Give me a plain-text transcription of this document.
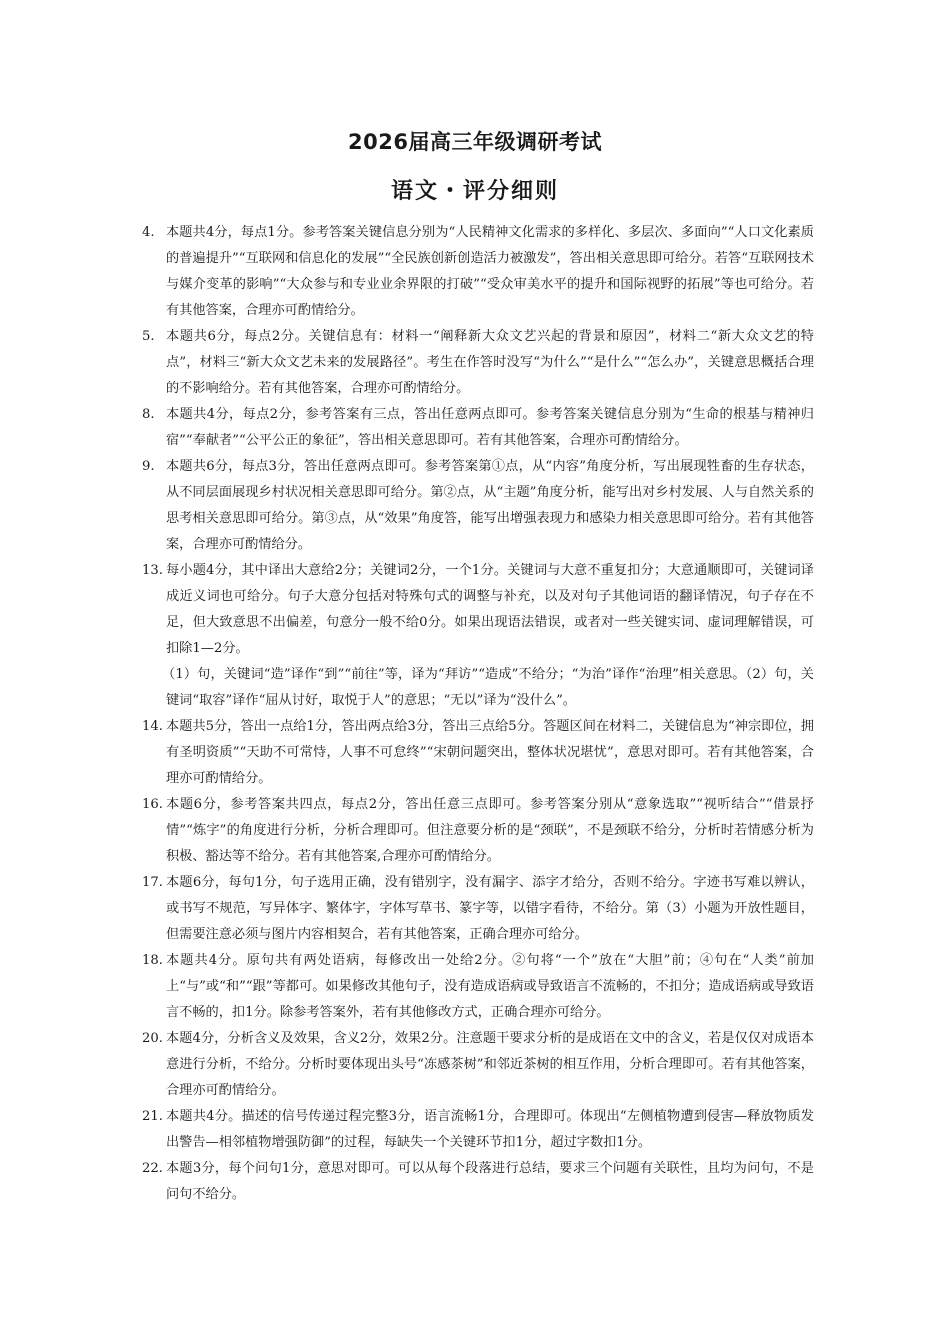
2026届高三年级调研考试
语文・评分细则

4. 本题共4分，每点1分。参考答案关键信息分别为“人民精神文化需求的多样化、多层次、多面向”“人口文化素质的普遍提升”“互联网和信息化的发展”“全民族创新创造活力被激发”，答出相关意思即可给分。若答“互联网技术与媒介变革的影响”“大众参与和专业业余界限的打破”“受众审美水平的提升和国际视野的拓展”等也可给分。若有其他答案，合理亦可酌情给分。

5. 本题共6分，每点2分。关键信息有：材料一“阐释新大众文艺兴起的背景和原因”，材料二“新大众文艺的特点”，材料三“新大众文艺未来的发展路径”。考生在作答时没写“为什么”“是什么”“怎么办”，关键意思概括合理的不影响给分。若有其他答案，合理亦可酌情给分。

8. 本题共4分，每点2分，参考答案有三点，答出任意两点即可。参考答案关键信息分别为“生命的根基与精神归宿”“奉献者”“公平公正的象征”，答出相关意思即可。若有其他答案，合理亦可酌情给分。

9. 本题共6分，每点3分，答出任意两点即可。参考答案第①点，从“内容”角度分析，写出展现牲畜的生存状态，从不同层面展现乡村状况相关意思即可给分。第②点，从“主题”角度分析，能写出对乡村发展、人与自然关系的思考相关意思即可给分。第③点，从“效果”角度答，能写出增强表现力和感染力相关意思即可给分。若有其他答案，合理亦可酌情给分。

13. 每小题4分，其中译出大意给2分；关键词2分，一个1分。关键词与大意不重复扣分；大意通顺即可，关键词译成近义词也可给分。句子大意分包括对特殊句式的调整与补充，以及对句子其他词语的翻译情况，句子存在不足，但大致意思不出偏差，句意分一般不给0分。如果出现语法错误，或者对一些关键实词、虚词理解错误，可扣除1—2分。

（1）句，关键词“造”译作“到”“前往”等，译为“拜访”“造成”不给分；“为治”译作“治理”相关意思。（2）句，关键词“取容”译作“屈从讨好，取悦于人”的意思；“无以”译为“没什么”。

14. 本题共5分，答出一点给1分，答出两点给3分，答出三点给5分。答题区间在材料二，关键信息为“神宗即位，拥有圣明资质”“天助不可常恃，人事不可怠终”“宋朝问题突出，整体状况堪忧”，意思对即可。若有其他答案，合理亦可酌情给分。

16. 本题6分，参考答案共四点，每点2分，答出任意三点即可。参考答案分别从“意象选取”“视听结合”“借景抒情”“炼字”的角度进行分析，分析合理即可。但注意要分析的是“颈联”，不是颈联不给分，分析时若情感分析为积极、豁达等不给分。若有其他答案,合理亦可酌情给分。

17. 本题6分，每句1分，句子选用正确，没有错别字，没有漏字、添字才给分，否则不给分。字迹书写难以辨认，或书写不规范，写异体字、繁体字，字体写草书、篆字等，以错字看待，不给分。第（3）小题为开放性题目，但需要注意必须与图片内容相契合，若有其他答案，正确合理亦可给分。

18. 本题共4分。原句共有两处语病，每修改出一处给2分。②句将“一个”放在“大胆”前；④句在“人类”前加上“与”或“和”“跟”等都可。如果修改其他句子，没有造成语病或导致语言不流畅的，不扣分；造成语病或导致语言不畅的，扣1分。除参考答案外，若有其他修改方式，正确合理亦可给分。

20. 本题4分，分析含义及效果，含义2分，效果2分。注意题干要求分析的是成语在文中的含义，若是仅仅对成语本意进行分析，不给分。分析时要体现出头号“冻感茶树”和邻近茶树的相互作用，分析合理即可。若有其他答案，合理亦可酌情给分。

21. 本题共4分。描述的信号传递过程完整3分，语言流畅1分，合理即可。体现出“左侧植物遭到侵害—释放物质发出警告—相邻植物增强防御”的过程，每缺失一个关键环节扣1分，超过字数扣1分。

22. 本题3分，每个问句1分，意思对即可。可以从每个段落进行总结，要求三个问题有关联性，且均为问句，不是问句不给分。
